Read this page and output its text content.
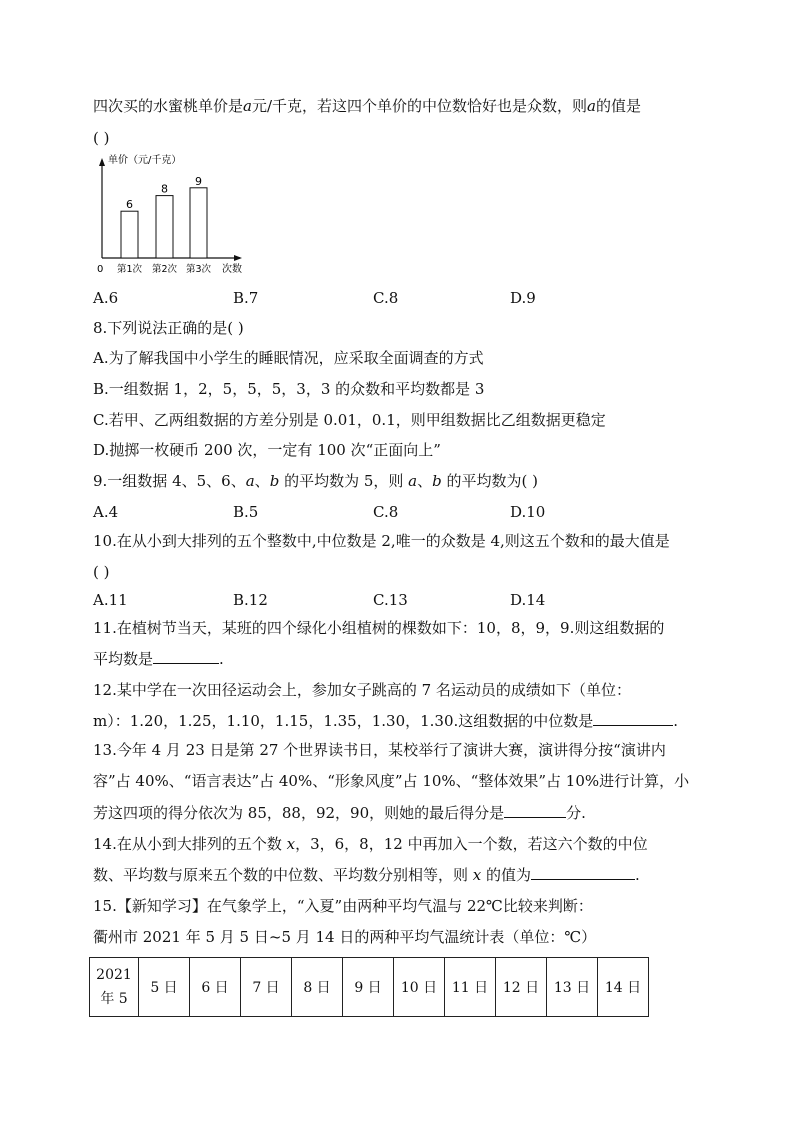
四次买的水蜜桃单价是a元/千克，若这四个单价的中位数恰好也是众数，则a的值是
( )
单价（元/千克）
次数
0
6
第1次
8
第2次
9
第3次
A.6	B.7	C.8	D.9
8.下列说法正确的是( )
A.为了解我国中小学生的睡眠情况，应采取全面调查的方式
B.一组数据 1，2，5，5，5，3，3 的众数和平均数都是 3
C.若甲、乙两组数据的方差分别是 0.01，0.1，则甲组数据比乙组数据更稳定
D.抛掷一枚硬币 200 次，一定有 100 次“正面向上”
9.一组数据 4、5、6、a、b 的平均数为 5，则 a、b 的平均数为( )
A.4	B.5	C.8	D.10
10.在从小到大排列的五个整数中,中位数是 2,唯一的众数是 4,则这五个数和的最大值是
( )
A.11	B.12	C.13	D.14
11.在植树节当天，某班的四个绿化小组植树的棵数如下：10，8，9，9.则这组数据的
平均数是	.
12.某中学在一次田径运动会上，参加女子跳高的 7 名运动员的成绩如下（单位：
m）：1.20，1.25，1.10，1.15，1.35，1.30，1.30.这组数据的中位数是	.
13.今年 4 月 23 日是第 27 个世界读书日，某校举行了演讲大赛，演讲得分按“演讲内
容”占 40%、“语言表达”占 40%、“形象风度”占 10%、“整体效果”占 10%进行计算，小
芳这四项的得分依次为 85，88，92，90，则她的最后得分是	分.
14.在从小到大排列的五个数 x，3，6，8，12 中再加入一个数，若这六个数的中位
数、平均数与原来五个数的中位数、平均数分别相等，则 x 的值为	.
15.【新知学习】在气象学上，“入夏”由两种平均气温与 22℃比较来判断：
衢州市 2021 年 5 月 5 日~5 月 14 日的两种平均气温统计表（单位：℃）
2021
年 5	5 日	6 日	7 日	8 日	9 日	10 日	11 日	12 日	13 日	14 日
